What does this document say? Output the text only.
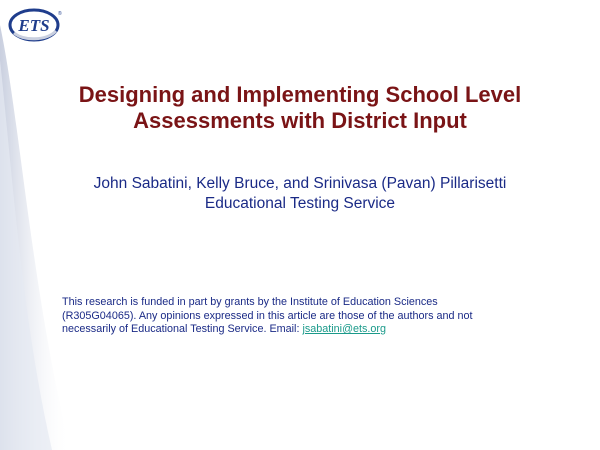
ETS
®
Designing and Implementing School Level
Assessments with District Input
John Sabatini, Kelly Bruce, and Srinivasa (Pavan) Pillarisetti
Educational Testing Service
This research is funded in part by grants by the Institute of Education Sciences
(R305G04065). Any opinions expressed in this article are those of the authors and not
necessarily of Educational Testing Service. Email: jsabatini@ets.org
